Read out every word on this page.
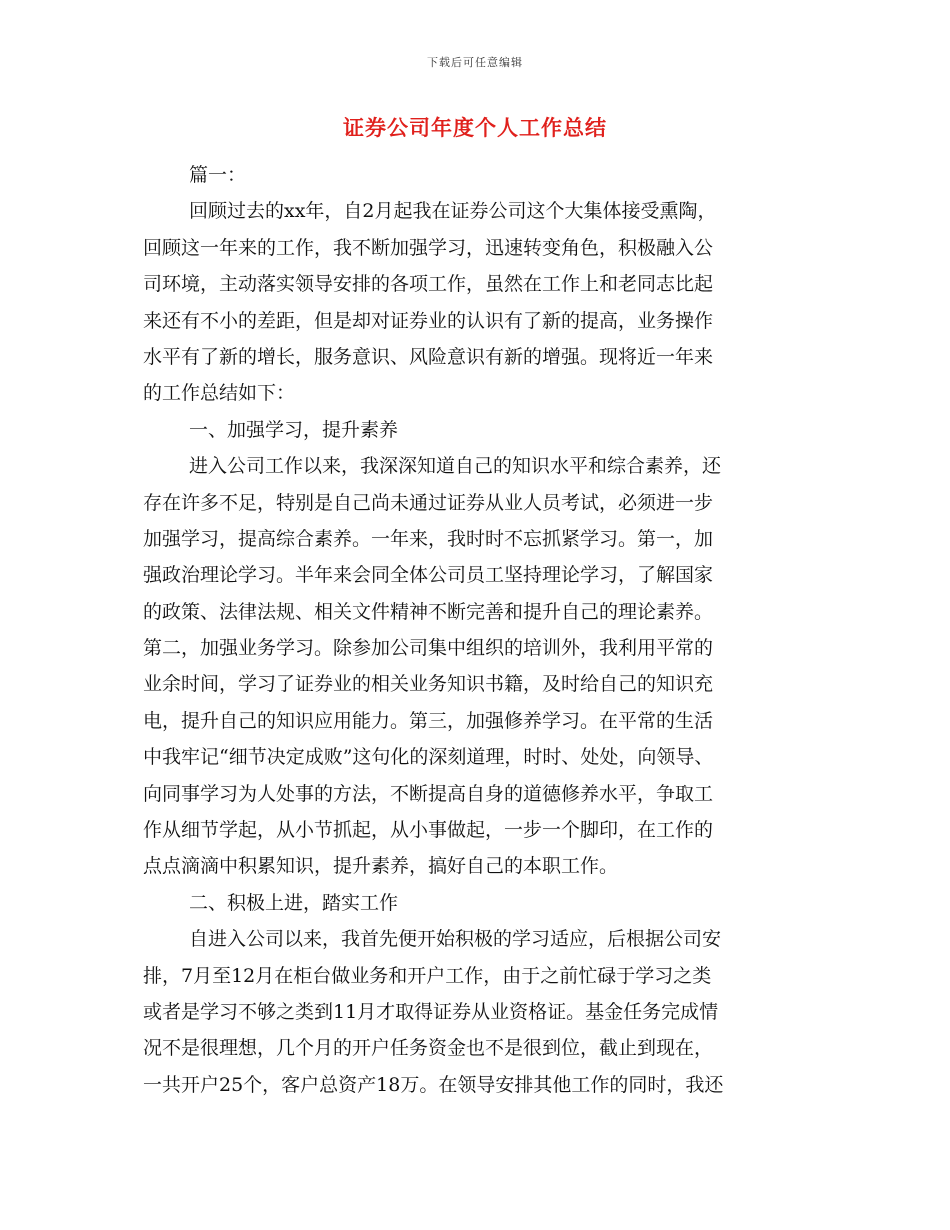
下载后可任意编辑
证券公司年度个人工作总结
篇一：
回顾过去的xx年，自2月起我在证券公司这个大集体接受熏陶，
回顾这一年来的工作，我不断加强学习，迅速转变角色，积极融入公
司环境，主动落实领导安排的各项工作，虽然在工作上和老同志比起
来还有不小的差距，但是却对证券业的认识有了新的提高，业务操作
水平有了新的增长，服务意识、风险意识有新的增强。现将近一年来
的工作总结如下：
一、加强学习，提升素养
进入公司工作以来，我深深知道自己的知识水平和综合素养，还
存在许多不足，特别是自己尚未通过证券从业人员考试，必须进一步
加强学习，提高综合素养。一年来，我时时不忘抓紧学习。第一，加
强政治理论学习。半年来会同全体公司员工坚持理论学习，了解国家
的政策、法律法规、相关文件精神不断完善和提升自己的理论素养。
第二，加强业务学习。除参加公司集中组织的培训外，我利用平常的
业余时间，学习了证券业的相关业务知识书籍，及时给自己的知识充
电，提升自己的知识应用能力。第三，加强修养学习。在平常的生活
中我牢记“细节决定成败”这句化的深刻道理，时时、处处，向领导、
向同事学习为人处事的方法，不断提高自身的道德修养水平，争取工
作从细节学起，从小节抓起，从小事做起，一步一个脚印，在工作的
点点滴滴中积累知识，提升素养，搞好自己的本职工作。
二、积极上进，踏实工作
自进入公司以来，我首先便开始积极的学习适应，后根据公司安
排，7月至12月在柜台做业务和开户工作，由于之前忙碌于学习之类
或者是学习不够之类到11月才取得证券从业资格证。基金任务完成情
况不是很理想，几个月的开户任务资金也不是很到位，截止到现在，
一共开户25个，客户总资产18万。在领导安排其他工作的同时，我还
